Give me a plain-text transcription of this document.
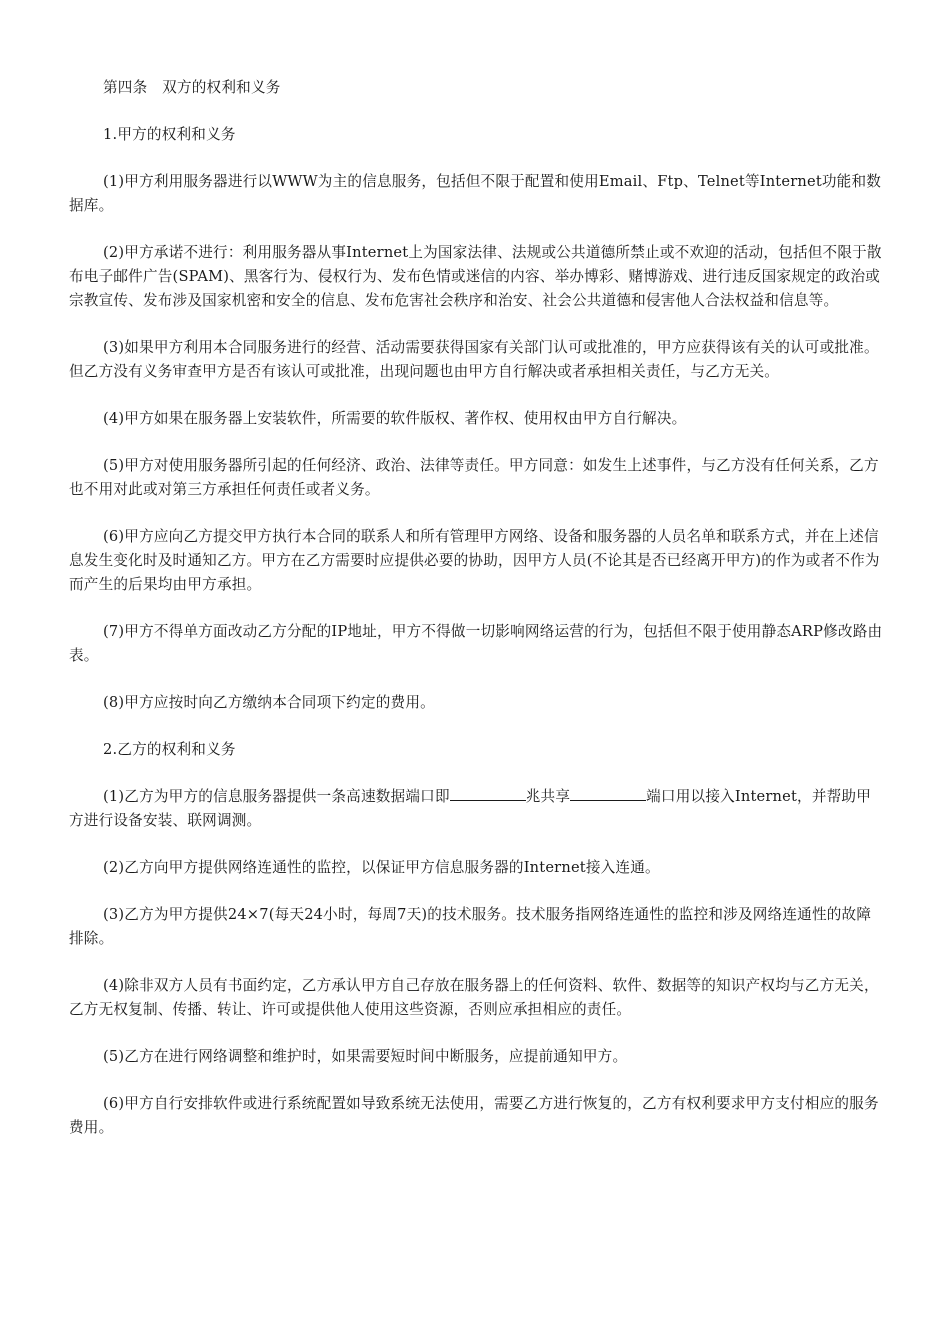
第四条　双方的权利和义务

1.甲方的权利和义务

(1)甲方利用服务器进行以WWW为主的信息服务，包括但不限于配置和使用Email、Ftp、Telnet等Internet功能和数据库。

(2)甲方承诺不进行：利用服务器从事Internet上为国家法律、法规或公共道德所禁止或不欢迎的活动，包括但不限于散布电子邮件广告(SPAM)、黑客行为、侵权行为、发布色情或迷信的内容、举办博彩、赌博游戏、进行违反国家规定的政治或宗教宣传、发布涉及国家机密和安全的信息、发布危害社会秩序和治安、社会公共道德和侵害他人合法权益和信息等。

(3)如果甲方利用本合同服务进行的经营、活动需要获得国家有关部门认可或批准的，甲方应获得该有关的认可或批准。但乙方没有义务审查甲方是否有该认可或批准，出现问题也由甲方自行解决或者承担相关责任，与乙方无关。

(4)甲方如果在服务器上安装软件，所需要的软件版权、著作权、使用权由甲方自行解决。

(5)甲方对使用服务器所引起的任何经济、政治、法律等责任。甲方同意：如发生上述事件，与乙方没有任何关系，乙方也不用对此或对第三方承担任何责任或者义务。

(6)甲方应向乙方提交甲方执行本合同的联系人和所有管理甲方网络、设备和服务器的人员名单和联系方式，并在上述信息发生变化时及时通知乙方。甲方在乙方需要时应提供必要的协助，因甲方人员(不论其是否已经离开甲方)的作为或者不作为而产生的后果均由甲方承担。

(7)甲方不得单方面改动乙方分配的IP地址，甲方不得做一切影响网络运营的行为，包括但不限于使用静态ARP修改路由表。

(8)甲方应按时向乙方缴纳本合同项下约定的费用。

2.乙方的权利和义务

(1)乙方为甲方的信息服务器提供一条高速数据端口即	兆共享	端口用以接入Internet，并帮助甲方进行设备安装、联网调测。

(2)乙方向甲方提供网络连通性的监控，以保证甲方信息服务器的Internet接入连通。

(3)乙方为甲方提供24×7(每天24小时，每周7天)的技术服务。技术服务指网络连通性的监控和涉及网络连通性的故障排除。

(4)除非双方人员有书面约定，乙方承认甲方自己存放在服务器上的任何资料、软件、数据等的知识产权均与乙方无关，乙方无权复制、传播、转让、许可或提供他人使用这些资源，否则应承担相应的责任。

(5)乙方在进行网络调整和维护时，如果需要短时间中断服务，应提前通知甲方。

(6)甲方自行安排软件或进行系统配置如导致系统无法使用，需要乙方进行恢复的，乙方有权利要求甲方支付相应的服务费用。
